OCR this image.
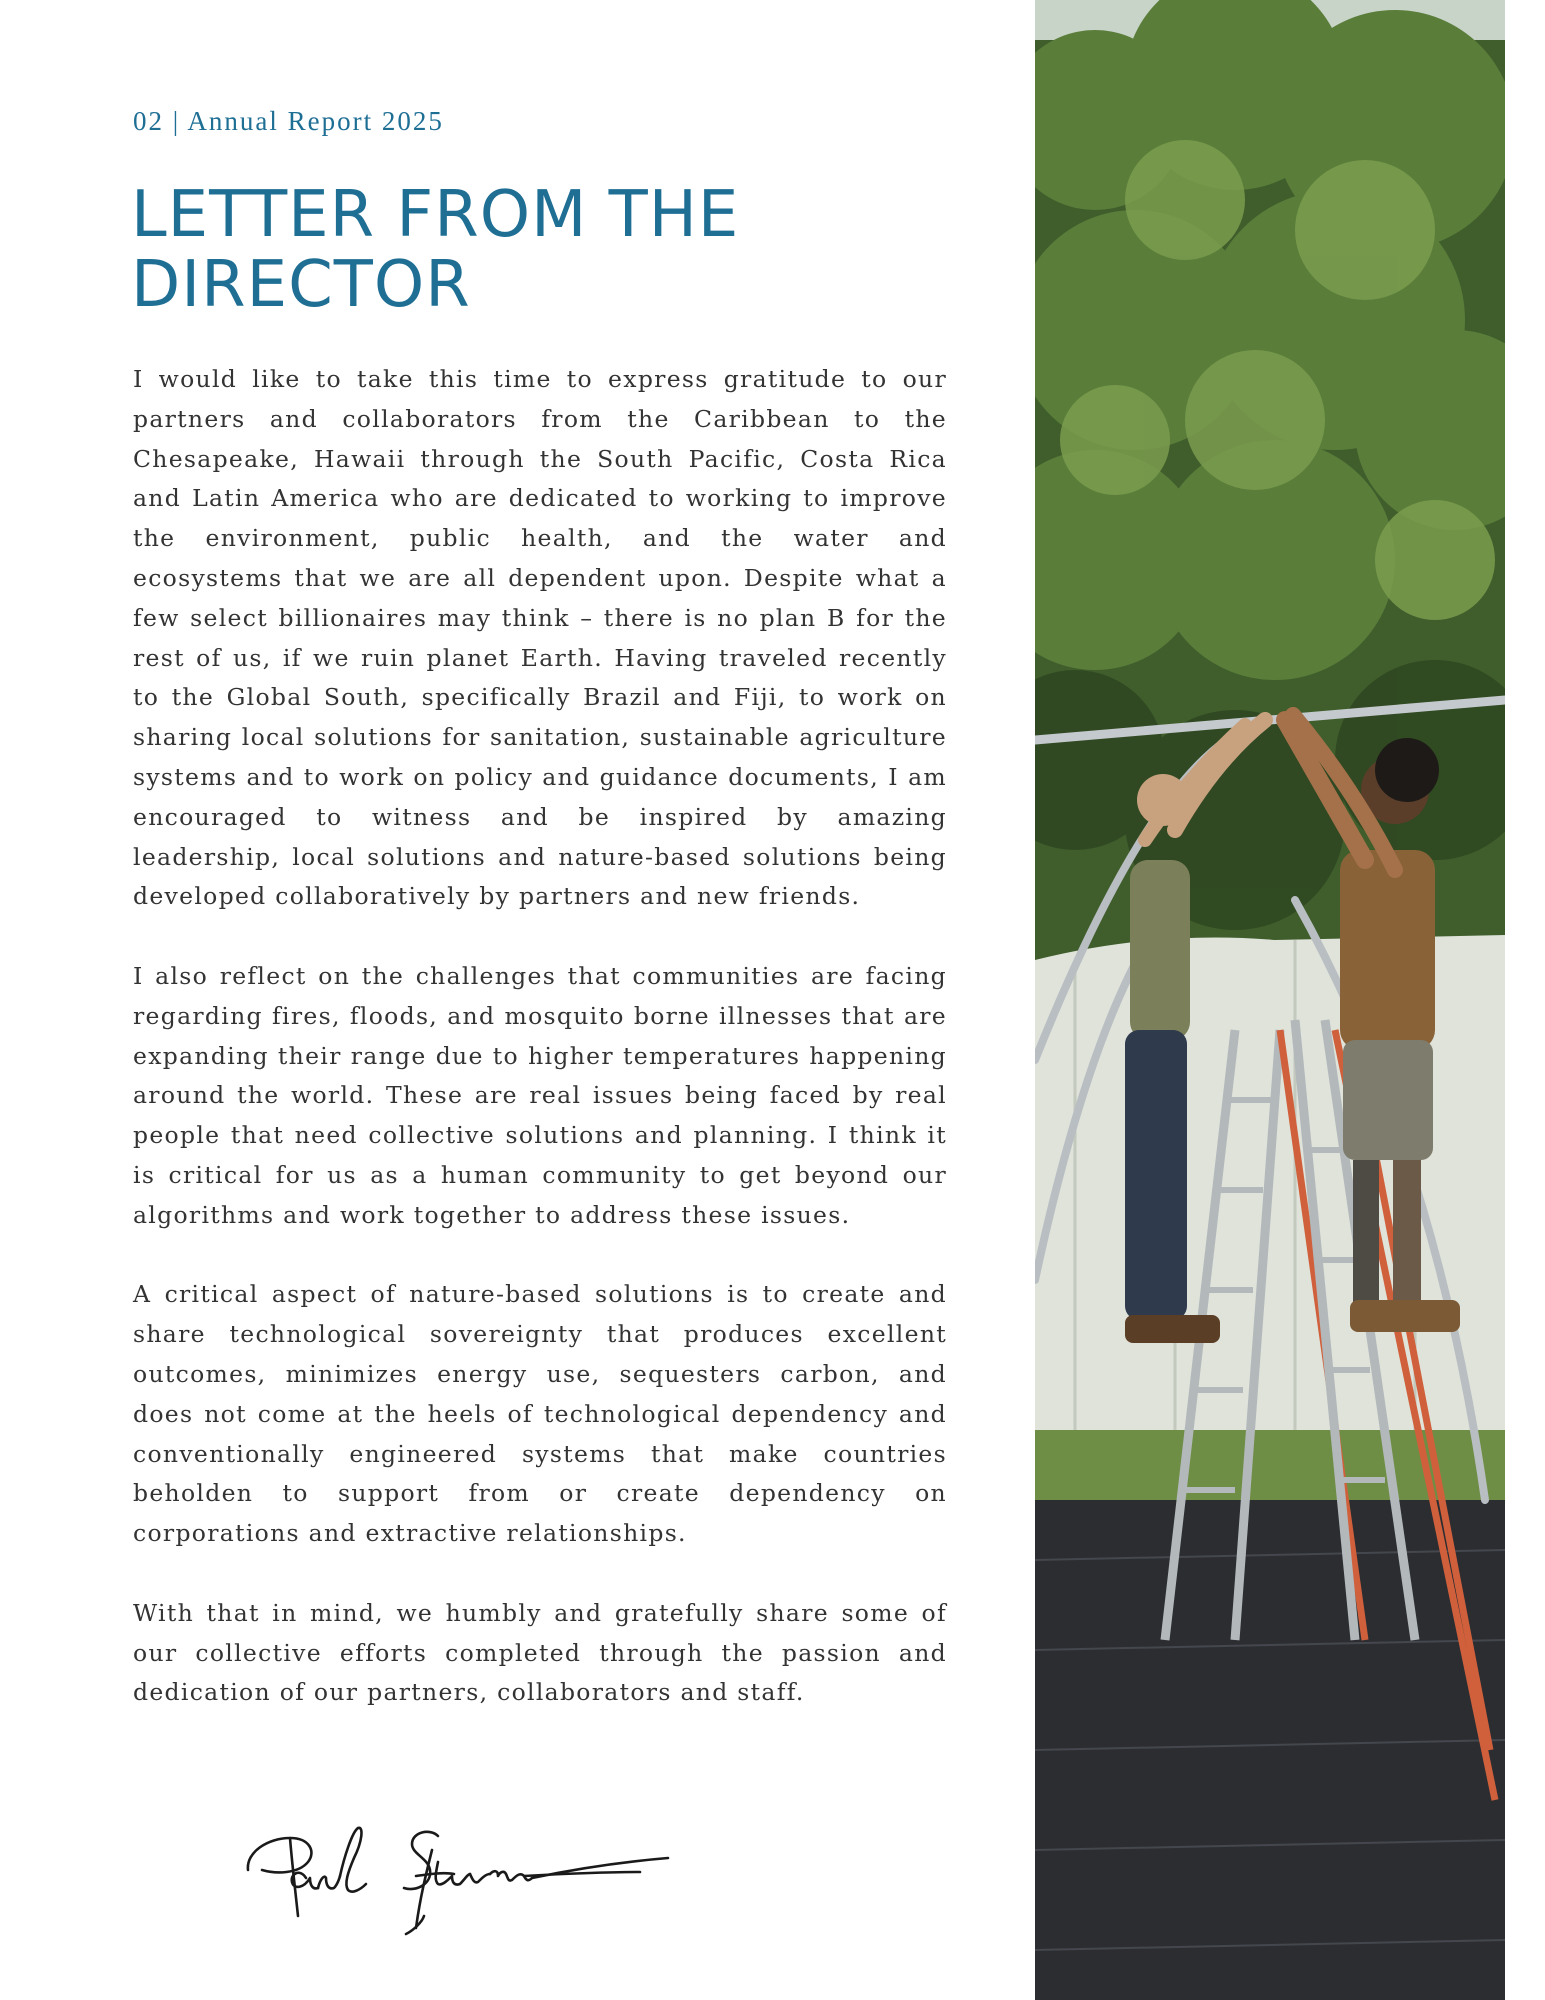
02 | Annual Report 2025
LETTER FROM THE DIRECTOR

I would like to take this time to express gratitude to our partners and collaborators from the Caribbean to the Chesapeake, Hawaii through the South Pacific, Costa Rica and Latin America who are dedicated to working to improve the environment, public health, and the water and ecosystems that we are all dependent upon. Despite what a few select billionaires may think – there is no plan B for the rest of us, if we ruin planet Earth. Having traveled recently to the Global South, specifically Brazil and Fiji, to work on sharing local solutions for sanitation, sustainable agriculture systems and to work on policy and guidance documents, I am encouraged to witness and be inspired by amazing leadership, local solutions and nature-based solutions being developed collaboratively by partners and new friends.

I also reflect on the challenges that communities are facing regarding fires, floods, and mosquito borne illnesses that are expanding their range due to higher temperatures happening around the world. These are real issues being faced by real people that need collective solutions and planning. I think it is critical for us as a human community to get beyond our algorithms and work together to address these issues.

A critical aspect of nature-based solutions is to create and share technological sovereignty that produces excellent outcomes, minimizes energy use, sequesters carbon, and does not come at the heels of technological dependency and conventionally engineered systems that make countries beholden to support from or create dependency on corporations and extractive relationships.

With that in mind, we humbly and gratefully share some of our collective efforts completed through the passion and dedication of our partners, collaborators and staff.
